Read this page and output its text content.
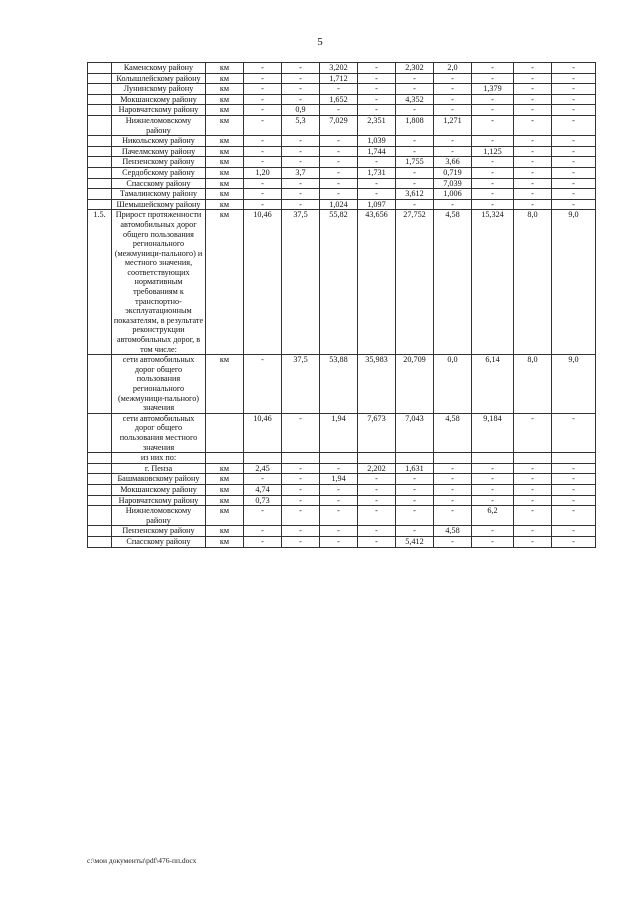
5
	Каменскому району	км	-	-	3,202	-	2,302	2,0	-	-	-
	Колышлейскому району	км	-	-	1,712	-	-	-	-	-	-
	Лунинскому району	км	-	-	-	-	-	-	1,379	-	-
	Мокшанскому району	км	-	-	1,652	-	4,352	-	-	-	-
	Наровчатскому району	км	-	0,9	-	-	-	-	-	-	-
	Нижнеломовскому району	км	-	5,3	7,029	2,351	1,808	1,271	-	-	-
	Никольскому району	км	-	-	-	1,039	-	-	-	-	-
	Пачелмскому району	км	-	-	-	1,744	-	-	1,125	-	-
	Пензенскому району	км	-	-	-	-	1,755	3,66	-	-	-
	Сердобскому району	км	1,20	3,7	-	1,731	-	0,719	-	-	-
	Спасскому району	км	-	-	-	-	-	7,039	-	-	-
	Тамалинскому району	км	-	-	-	-	3,612	1,006	-	-	-
	Шемышейскому району	км	-	-	1,024	1,097	-	-	-	-	-
1.5.	Прирост протяженности автомобильных дорог общего пользования регионального (межмуници-пального) и местного значения, соответствующих нормативным требованиям к транспортно-эксплуатационным показателям, в результате реконструкции автомобильных дорог, в том числе:	км	10,46	37,5	55,82	43,656	27,752	4,58	15,324	8,0	9,0
	сети автомобильных дорог общего пользования регионального (межмуници-пального) значения	км	-	37,5	53,88	35,983	20,709	0,0	6,14	8,0	9,0
	сети автомобильных дорог общего пользования местного значения		10,46	-	1,94	7,673	7,043	4,58	9,184	-	-
	из них по:										
	г. Пенза	км	2,45	-	-	2,202	1,631	-	-	-	-
	Башмаковскому району	км	-	-	1,94	-	-	-	-	-	-
	Мокшанскому району	км	4,74	-	-	-	-	-	-	-	-
	Наровчатскому району	км	0,73	-	-	-	-	-	-	-	-
	Нижнеломовскому району	км	-	-	-	-	-	-	6,2	-	-
	Пензенскому району	км	-	-	-	-	-	4,58	-	-	-
	Спасскому району	км	-	-	-	-	5,412	-	-	-	-
c:\мои документы\pdf\476-пп.docx
